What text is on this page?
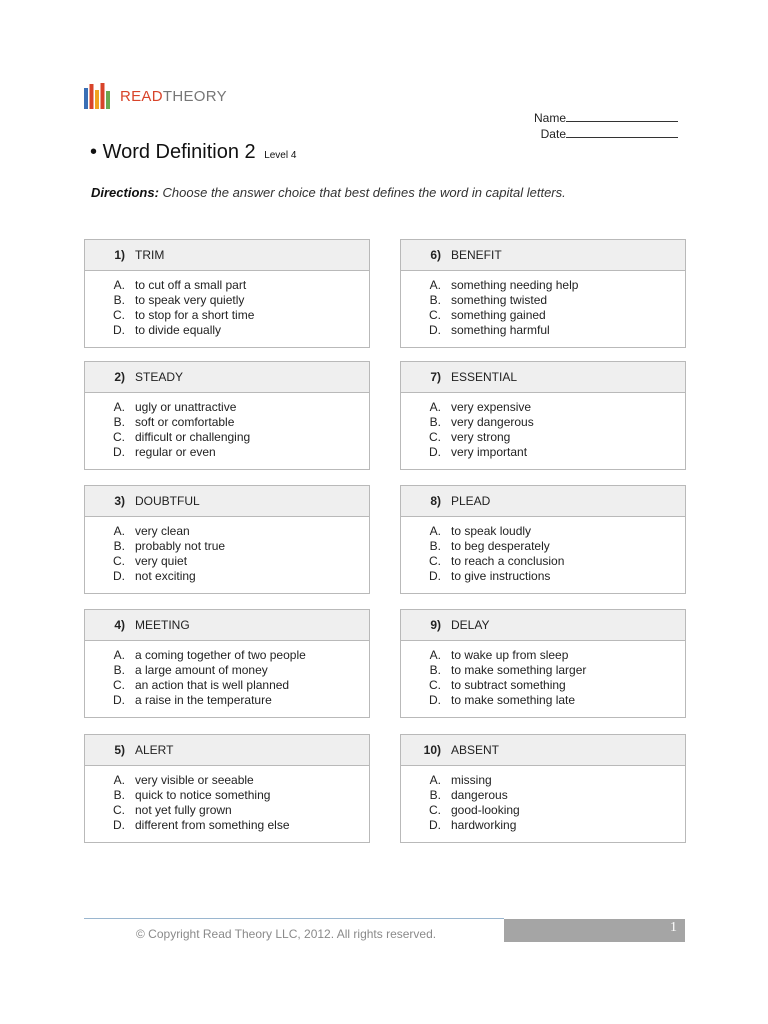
READTHEORY
Name
Date
• Word Definition 2 Level 4
Directions: Choose the answer choice that best defines the word in capital letters.
1) TRIM
A. to cut off a small part
B. to speak very quietly
C. to stop for a short time
D. to divide equally
2) STEADY
A. ugly or unattractive
B. soft or comfortable
C. difficult or challenging
D. regular or even
3) DOUBTFUL
A. very clean
B. probably not true
C. very quiet
D. not exciting
4) MEETING
A. a coming together of two people
B. a large amount of money
C. an action that is well planned
D. a raise in the temperature
5) ALERT
A. very visible or seeable
B. quick to notice something
C. not yet fully grown
D. different from something else
6) BENEFIT
A. something needing help
B. something twisted
C. something gained
D. something harmful
7) ESSENTIAL
A. very expensive
B. very dangerous
C. very strong
D. very important
8) PLEAD
A. to speak loudly
B. to beg desperately
C. to reach a conclusion
D. to give instructions
9) DELAY
A. to wake up from sleep
B. to make something larger
C. to subtract something
D. to make something late
10) ABSENT
A. missing
B. dangerous
C. good-looking
D. hardworking
© Copyright Read Theory LLC, 2012. All rights reserved.	1
